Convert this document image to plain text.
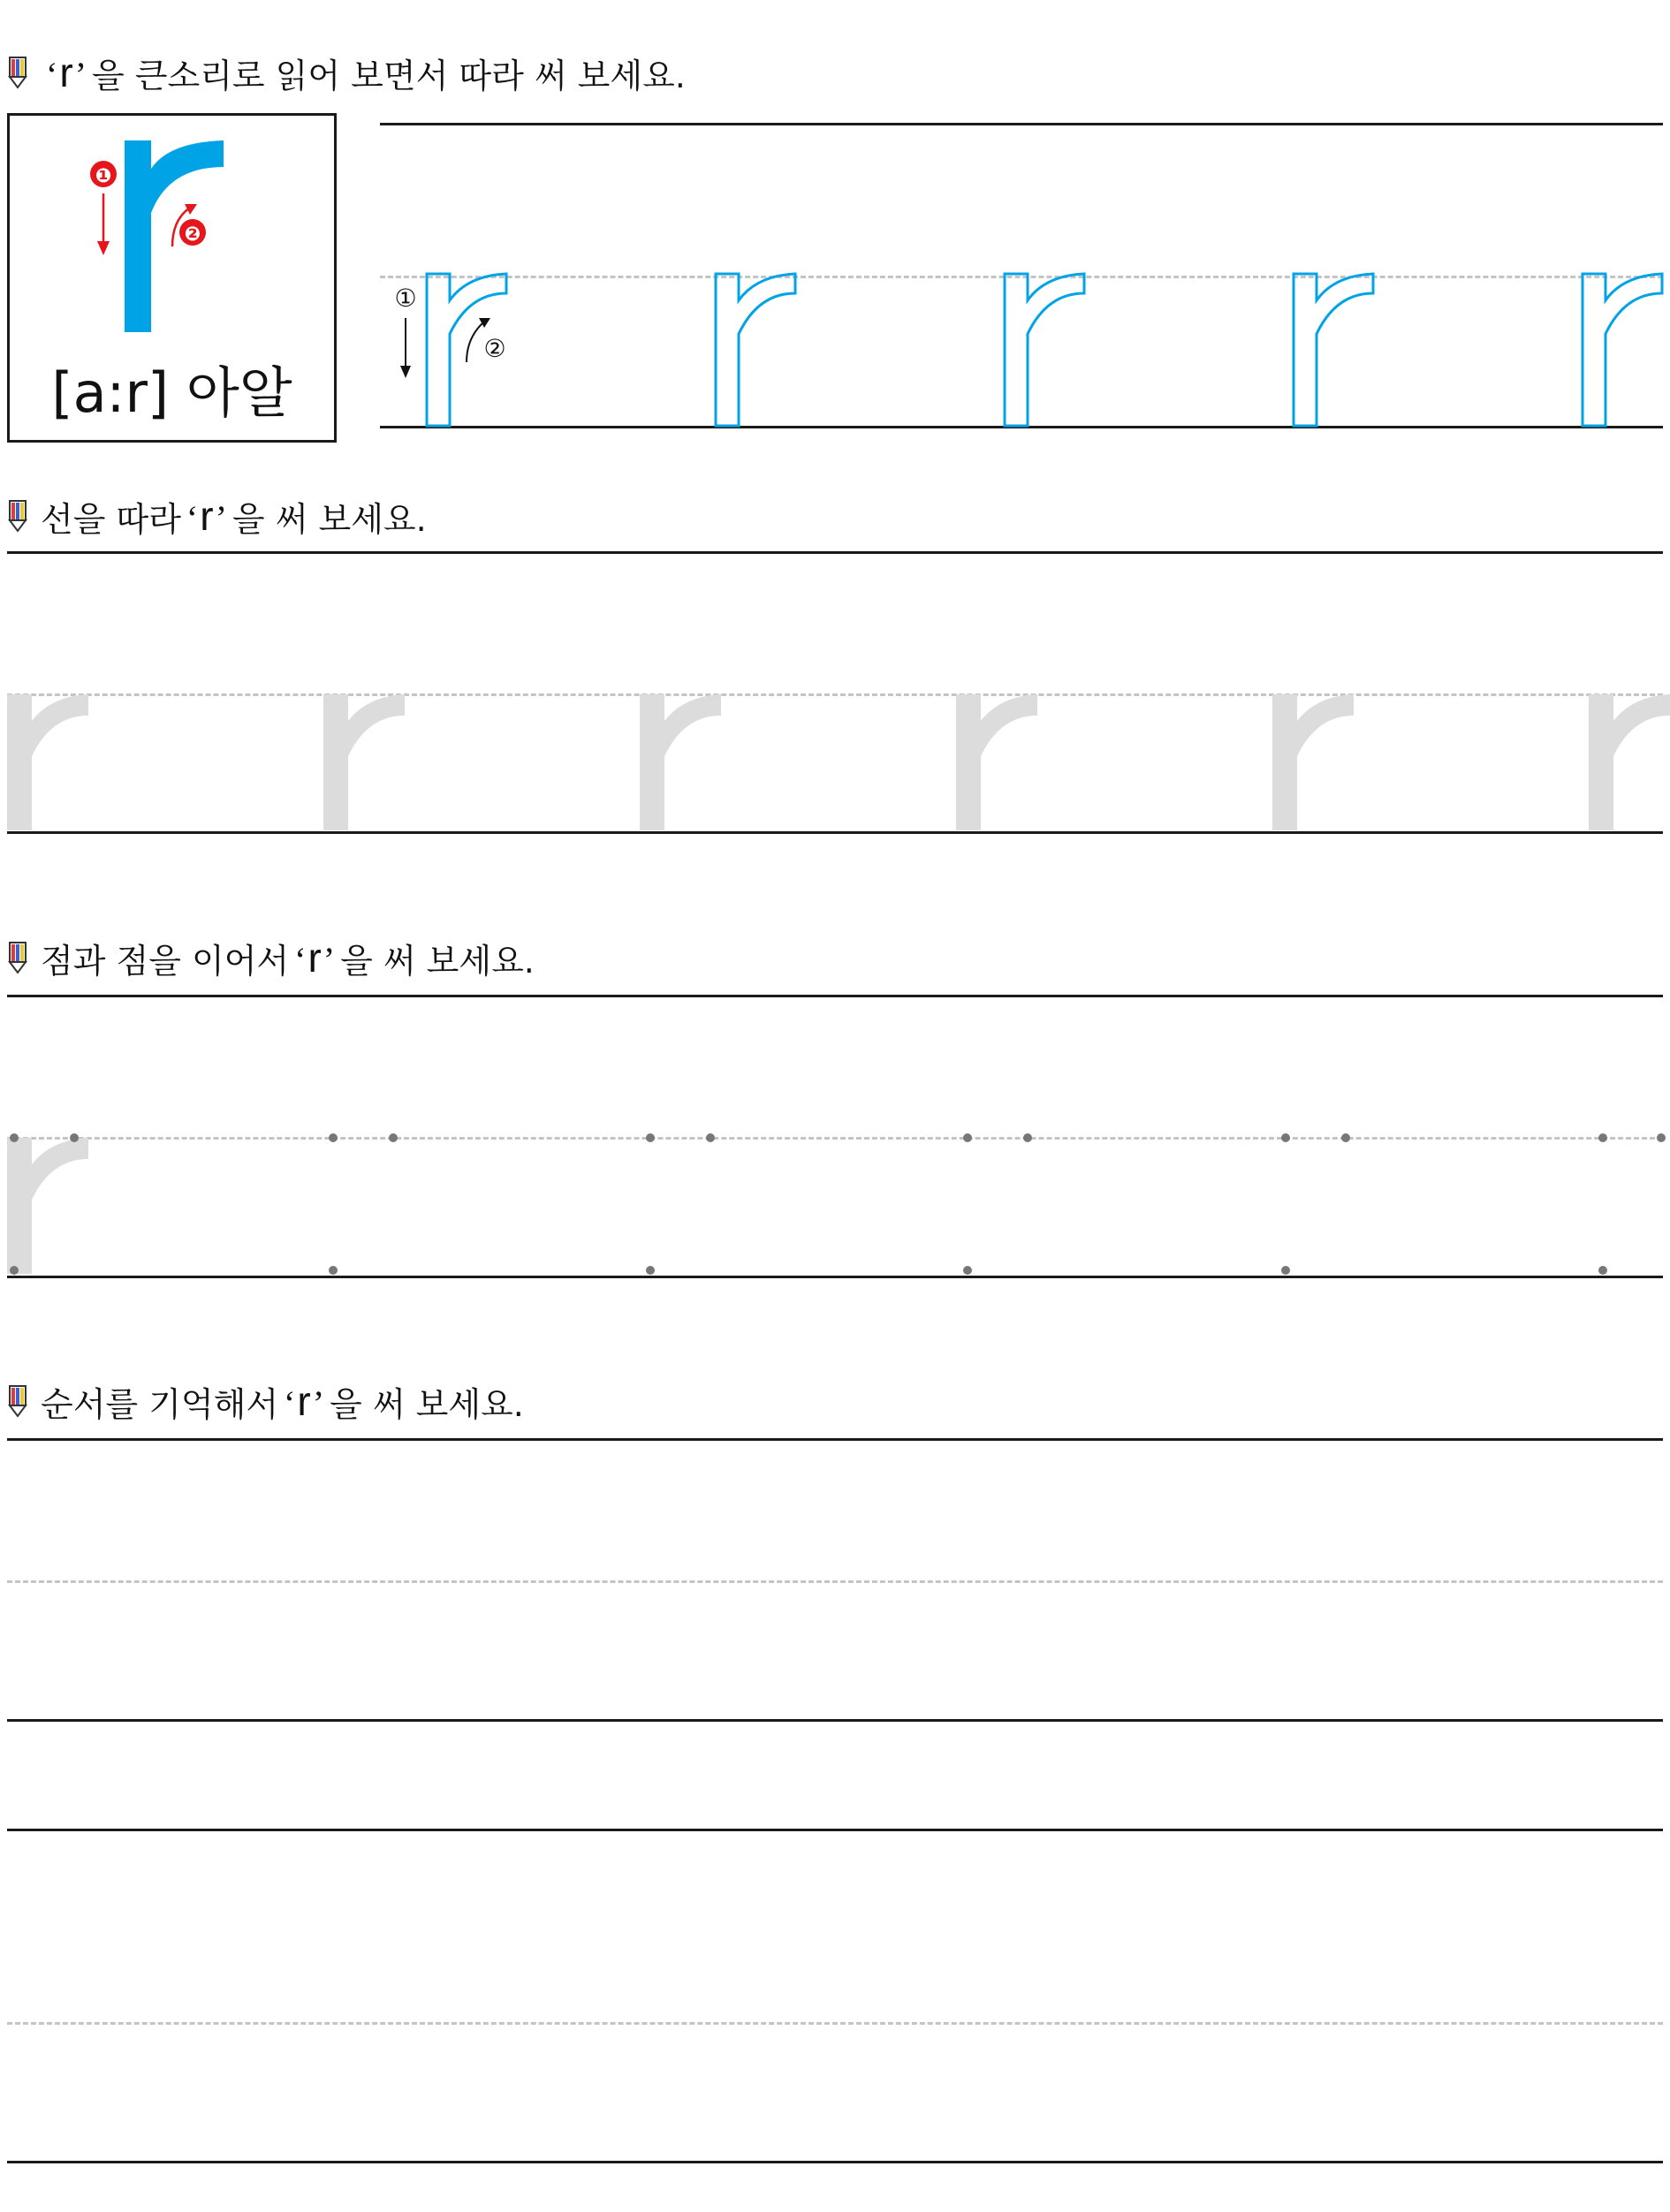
‘r’ 을 큰소리로 읽어 보면서 따라 써 보세요.
❶
❷
[a:r] 아알
①
②
선을 따라 ‘r’ 을 써 보세요.
점과 점을 이어서 ‘r’ 을 써 보세요.
순서를 기억해서 ‘r’ 을 써 보세요.
